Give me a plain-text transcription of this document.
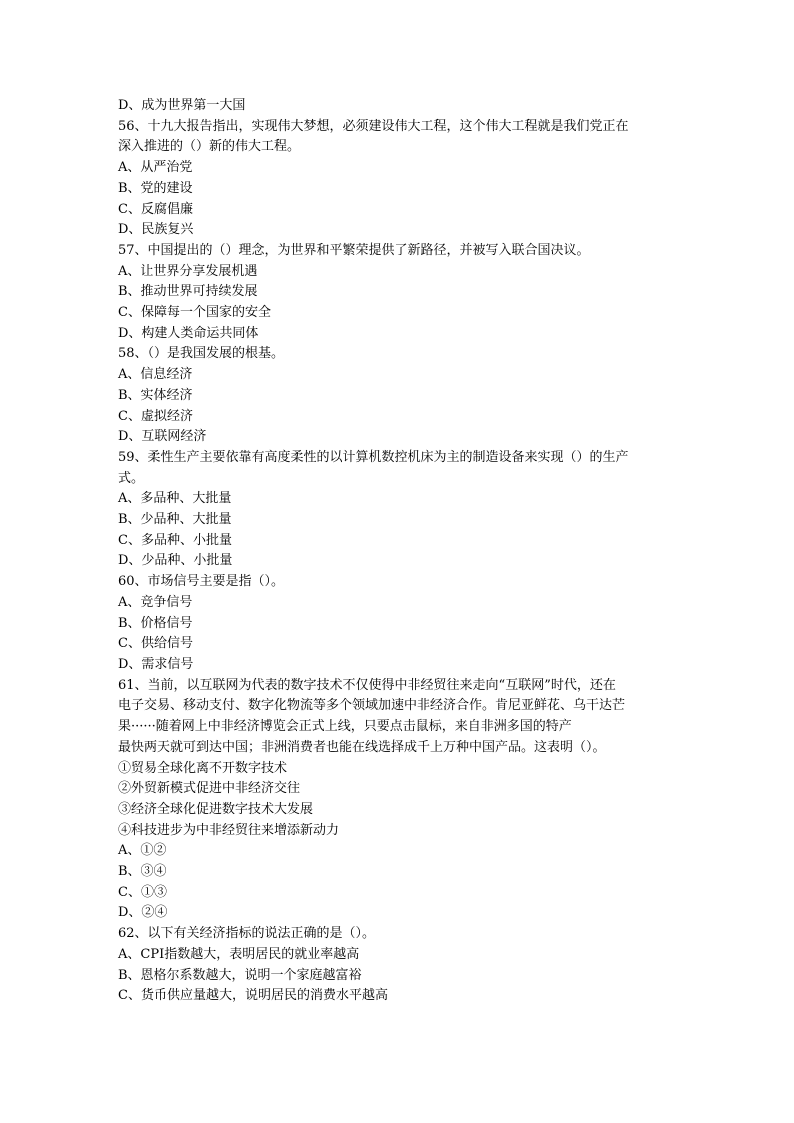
D、成为世界第一大国
56、十九大报告指出，实现伟大梦想，必须建设伟大工程，这个伟大工程就是我们党正在
深入推进的（）新的伟大工程。
A、从严治党
B、党的建设
C、反腐倡廉
D、民族复兴
57、中国提出的（）理念，为世界和平繁荣提供了新路径，并被写入联合国决议。
A、让世界分享发展机遇
B、推动世界可持续发展
C、保障每一个国家的安全
D、构建人类命运共同体
58、（）是我国发展的根基。
A、信息经济
B、实体经济
C、虚拟经济
D、互联网经济
59、柔性生产主要依靠有高度柔性的以计算机数控机床为主的制造设备来实现（）的生产
式。
A、多品种、大批量
B、少品种、大批量
C、多品种、小批量
D、少品种、小批量
60、市场信号主要是指（）。
A、竞争信号
B、价格信号
C、供给信号
D、需求信号
61、当前，以互联网为代表的数字技术不仅使得中非经贸往来走向“互联网”时代，还在
电子交易、移动支付、数字化物流等多个领域加速中非经济合作。肯尼亚鲜花、乌干达芒
果······随着网上中非经济博览会正式上线，只要点击鼠标，来自非洲多国的特产
最快两天就可到达中国；非洲消费者也能在线选择成千上万种中国产品。这表明（）。
①贸易全球化离不开数字技术
②外贸新模式促进中非经济交往
③经济全球化促进数字技术大发展
④科技进步为中非经贸往来增添新动力
A、①②
B、③④
C、①③
D、②④
62、以下有关经济指标的说法正确的是（）。
A、CPI指数越大，表明居民的就业率越高
B、恩格尔系数越大，说明一个家庭越富裕
C、货币供应量越大，说明居民的消费水平越高
